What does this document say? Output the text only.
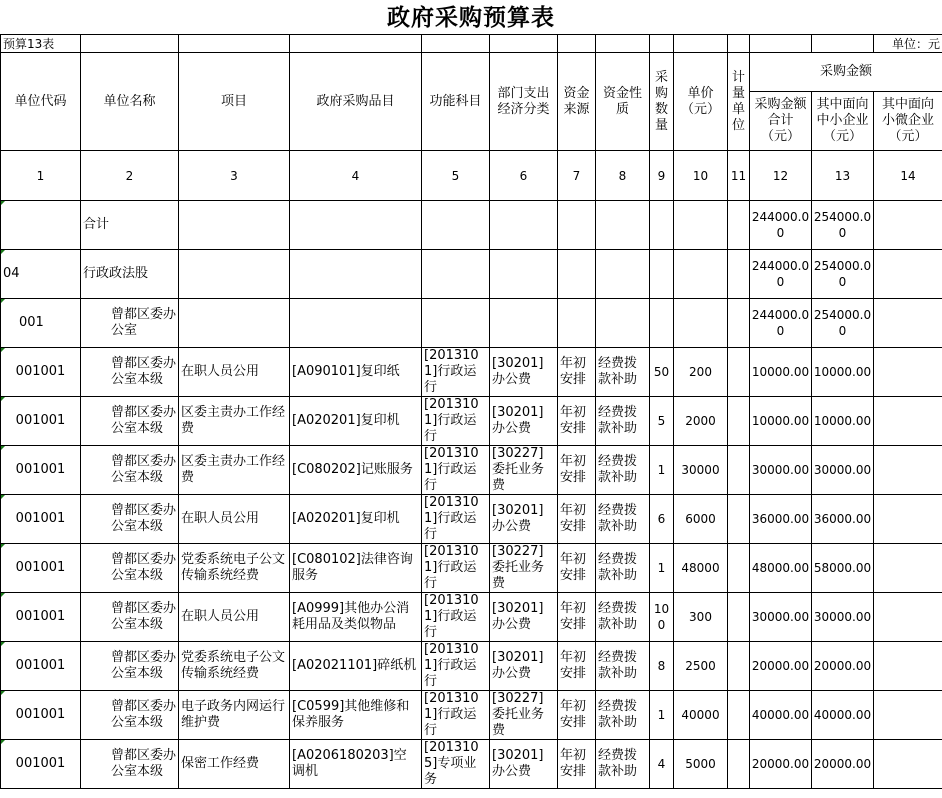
政府采购预算表
预算13表													单位：元
单位代码	单位名称	项目	政府采购品目	功能科目	部门支出经济分类	资金来源	资金性质	采购数量	单价（元）	计量单位	采购金额		
											采购金额合计（元）	其中面向中小企业（元）	其中面向小微企业（元）
1	2	3	4	5	6	7	8	9	10	11	12	13	14
	合计										244000.00	254000.00	
04	行政政法股										244000.00	254000.00	
001	曾都区委办公室										244000.00	254000.00	
001001	曾都区委办公室本级	在职人员公用	[A090101]复印纸	[2013101]行政运行	[30201]办公费	年初安排	经费拨款补助	50	200		10000.00	10000.00	
001001	曾都区委办公室本级	区委主责办工作经费	[A020201]复印机	[2013101]行政运行	[30201]办公费	年初安排	经费拨款补助	5	2000		10000.00	10000.00	
001001	曾都区委办公室本级	区委主责办工作经费	[C080202]记账服务	[2013101]行政运行	[30227]委托业务费	年初安排	经费拨款补助	1	30000		30000.00	30000.00	
001001	曾都区委办公室本级	在职人员公用	[A020201]复印机	[2013101]行政运行	[30201]办公费	年初安排	经费拨款补助	6	6000		36000.00	36000.00	
001001	曾都区委办公室本级	党委系统电子公文传输系统经费	[C080102]法律咨询服务	[2013101]行政运行	[30227]委托业务费	年初安排	经费拨款补助	1	48000		48000.00	58000.00	
001001	曾都区委办公室本级	在职人员公用	[A0999]其他办公消耗用品及类似物品	[2013101]行政运行	[30201]办公费	年初安排	经费拨款补助	100	300		30000.00	30000.00	
001001	曾都区委办公室本级	党委系统电子公文传输系统经费	[A02021101]碎纸机	[2013101]行政运行	[30201]办公费	年初安排	经费拨款补助	8	2500		20000.00	20000.00	
001001	曾都区委办公室本级	电子政务内网运行维护费	[C0599]其他维修和保养服务	[2013101]行政运行	[30227]委托业务费	年初安排	经费拨款补助	1	40000		40000.00	40000.00	
001001	曾都区委办公室本级	保密工作经费	[A0206180203]空调机	[2013105]专项业务	[30201]办公费	年初安排	经费拨款补助	4	5000		20000.00	20000.00	
